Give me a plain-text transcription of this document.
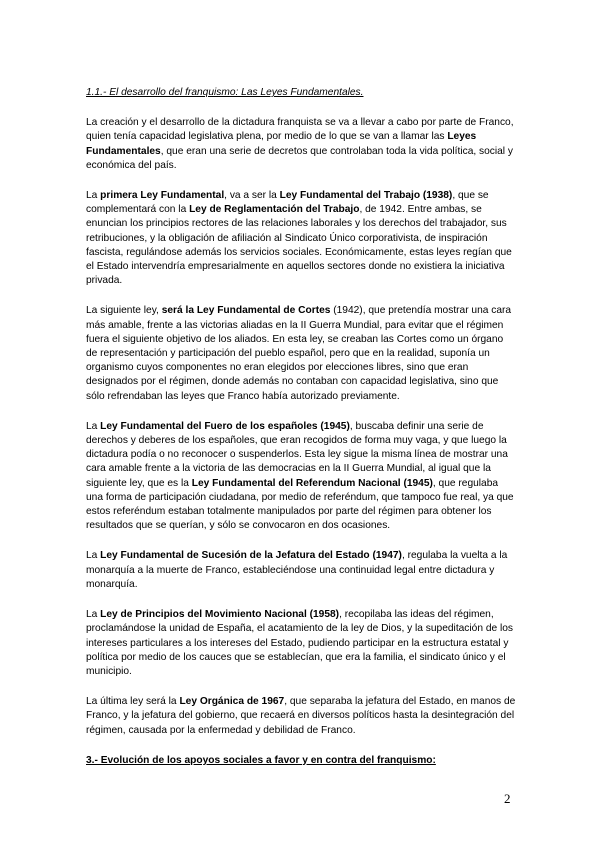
1.1.- El desarrollo del franquismo: Las Leyes Fundamentales.

La creación y el desarrollo de la dictadura franquista se va a llevar a cabo por parte de Franco, quien tenía capacidad legislativa plena, por medio de lo que se van a llamar las Leyes Fundamentales, que eran una serie de decretos que controlaban toda la vida política, social y económica del país.

La primera Ley Fundamental, va a ser la Ley Fundamental del Trabajo (1938), que se complementará con la Ley de Reglamentación del Trabajo, de 1942. Entre ambas, se enuncian los principios rectores de las relaciones laborales y los derechos del trabajador, sus retribuciones, y la obligación de afiliación al Sindicato Único corporativista, de inspiración fascista, regulándose además los servicios sociales. Económicamente, estas leyes regían que el Estado intervendría empresarialmente en aquellos sectores donde no existiera la iniciativa privada.

La siguiente ley, será la Ley Fundamental de Cortes (1942), que pretendía mostrar una cara más amable, frente a las victorias aliadas en la II Guerra Mundial, para evitar que el régimen fuera el siguiente objetivo de los aliados. En esta ley, se creaban las Cortes como un órgano de representación y participación del pueblo español, pero que en la realidad, suponía un organismo cuyos componentes no eran elegidos por elecciones libres, sino que eran designados por el régimen, donde además no contaban con capacidad legislativa, sino que sólo refrendaban las leyes que Franco había autorizado previamente.

La Ley Fundamental del Fuero de los españoles (1945), buscaba definir una serie de derechos y deberes de los españoles, que eran recogidos de forma muy vaga, y que luego la dictadura podía o no reconocer o suspenderlos. Esta ley sigue la misma línea de mostrar una cara amable frente a la victoria de las democracias en la II Guerra Mundial, al igual que la siguiente ley, que es la Ley Fundamental del Referendum Nacional (1945), que regulaba una forma de participación ciudadana, por medio de referéndum, que tampoco fue real, ya que estos referéndum estaban totalmente manipulados por parte del régimen para obtener los resultados que se querían, y sólo se convocaron en dos ocasiones.

La Ley Fundamental de Sucesión de la Jefatura del Estado (1947), regulaba la vuelta a la monarquía a la muerte de Franco, estableciéndose una continuidad legal entre dictadura y monarquía.

La Ley de Principios del Movimiento Nacional (1958), recopilaba las ideas del régimen, proclamándose la unidad de España, el acatamiento de la ley de Dios, y la supeditación de los intereses particulares a los intereses del Estado, pudiendo participar en la estructura estatal y política por medio de los cauces que se establecían, que era la familia, el sindicato único y el municipio.

La última ley será la Ley Orgánica de 1967, que separaba la jefatura del Estado, en manos de Franco, y la jefatura del gobierno, que recaerá en diversos políticos hasta la desintegración del régimen, causada por la enfermedad y debilidad de Franco.

3.- Evolución de los apoyos sociales a favor y en contra del franquismo:
2
